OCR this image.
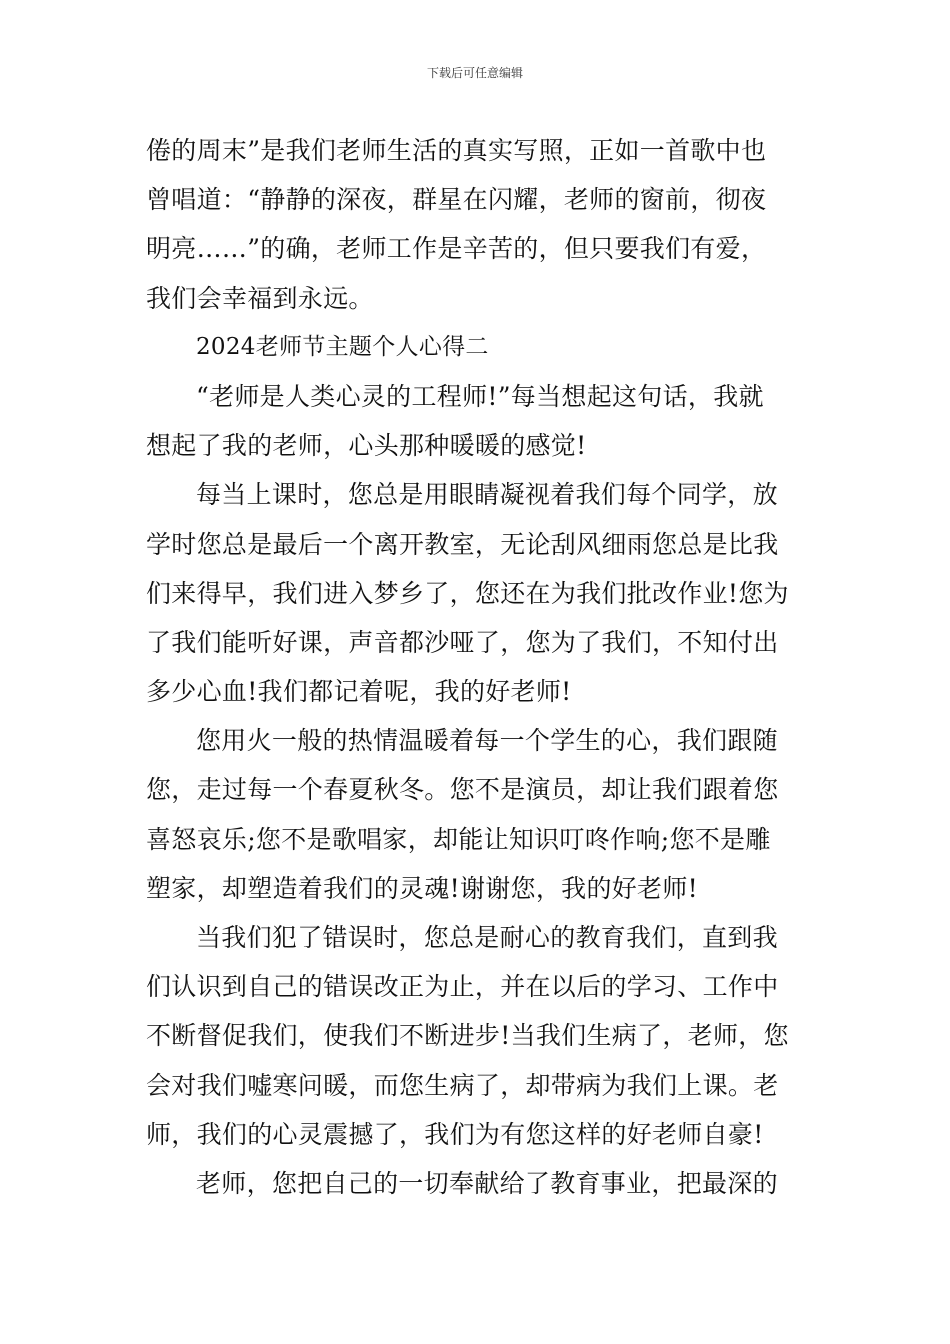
下载后可任意编辑
倦的周末”是我们老师生活的真实写照，正如一首歌中也
曾唱道：“静静的深夜，群星在闪耀，老师的窗前，彻夜
明亮……”的确，老师工作是辛苦的，但只要我们有爱，
我们会幸福到永远。
2024老师节主题个人心得二
“老师是人类心灵的工程师!”每当想起这句话，我就
想起了我的老师，心头那种暖暖的感觉!
每当上课时，您总是用眼睛凝视着我们每个同学，放
学时您总是最后一个离开教室，无论刮风细雨您总是比我
们来得早，我们进入梦乡了，您还在为我们批改作业!您为
了我们能听好课，声音都沙哑了，您为了我们，不知付出
多少心血!我们都记着呢，我的好老师!
您用火一般的热情温暖着每一个学生的心，我们跟随
您，走过每一个春夏秋冬。您不是演员，却让我们跟着您
喜怒哀乐;您不是歌唱家，却能让知识叮咚作响;您不是雕
塑家，却塑造着我们的灵魂!谢谢您，我的好老师!
当我们犯了错误时，您总是耐心的教育我们，直到我
们认识到自己的错误改正为止，并在以后的学习、工作中
不断督促我们，使我们不断进步!当我们生病了，老师，您
会对我们嘘寒问暖，而您生病了，却带病为我们上课。老
师，我们的心灵震撼了，我们为有您这样的好老师自豪!
老师，您把自己的一切奉献给了教育事业，把最深的
